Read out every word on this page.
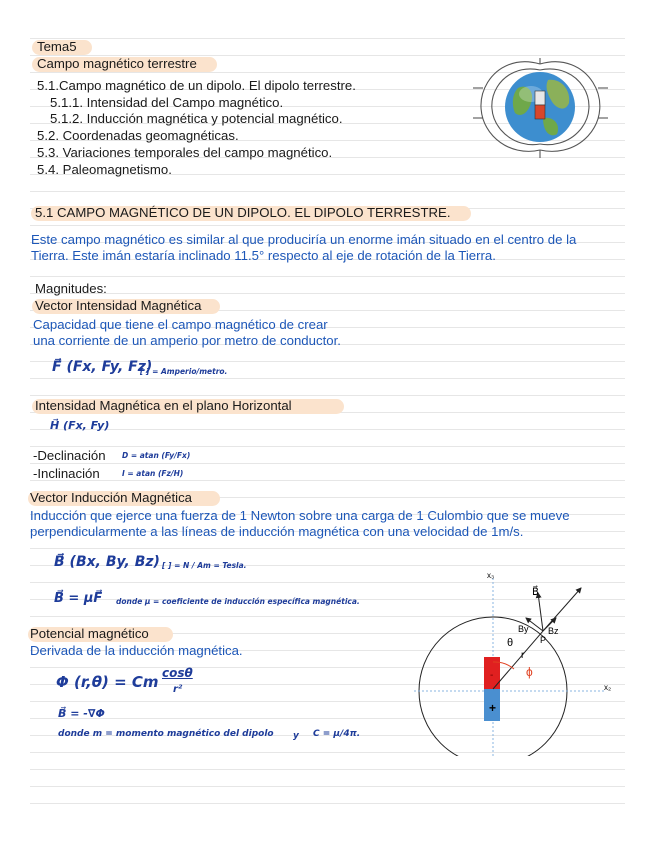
Tema5
Campo magnético terrestre
5.1.Campo magnético de un dipolo. El dipolo terrestre.
5.1.1. Intensidad del Campo magnético.
5.1.2. Inducción magnética y potencial magnético.
5.2. Coordenadas geomagnéticas.
5.3. Variaciones temporales del campo magnético.
5.4. Paleomagnetismo.
5.1 CAMPO MAGNÉTICO DE UN DIPOLO. EL DIPOLO TERRESTRE.
Este campo magnético es similar al que produciría un enorme imán situado en el centro de la
Tierra. Este imán estaría inclinado 11.5° respecto al eje de rotación de la Tierra.
Magnitudes:
Vector Intensidad Magnética
Capacidad que tiene el campo magnético de crear
una corriente de un amperio por metro de conductor.
F⃗ (Fx, Fy, Fz)
[ ] = Amperio/metro.
Intensidad Magnética en el plano Horizontal
H⃗ (Fx, Fy)
-Declinación D = atan (Fy/Fx)
-Inclinación	I = atan (Fz/H)
Vector Inducción Magnética
Inducción que ejerce una fuerza de 1 Newton sobre una carga de 1 Culombio que se mueve
perpendicularmente a las líneas de inducción magnética con una velocidad de 1m/s.
B⃗ (Bx, By, Bz) [ ] = N / Am = Tesla.
B⃗ = μF⃗ donde μ = coeficiente de inducción específica magnética.
Potencial magnético
Derivada de la inducción magnética.
Φ (r,θ) = Cm cosθ
r²
B⃗ = -∇Φ
donde m = momento magnético del dipolo y C = μ/4π.
x₃
x₂
B⃗
By Bz
P
θ
r
ϕ
+
-
